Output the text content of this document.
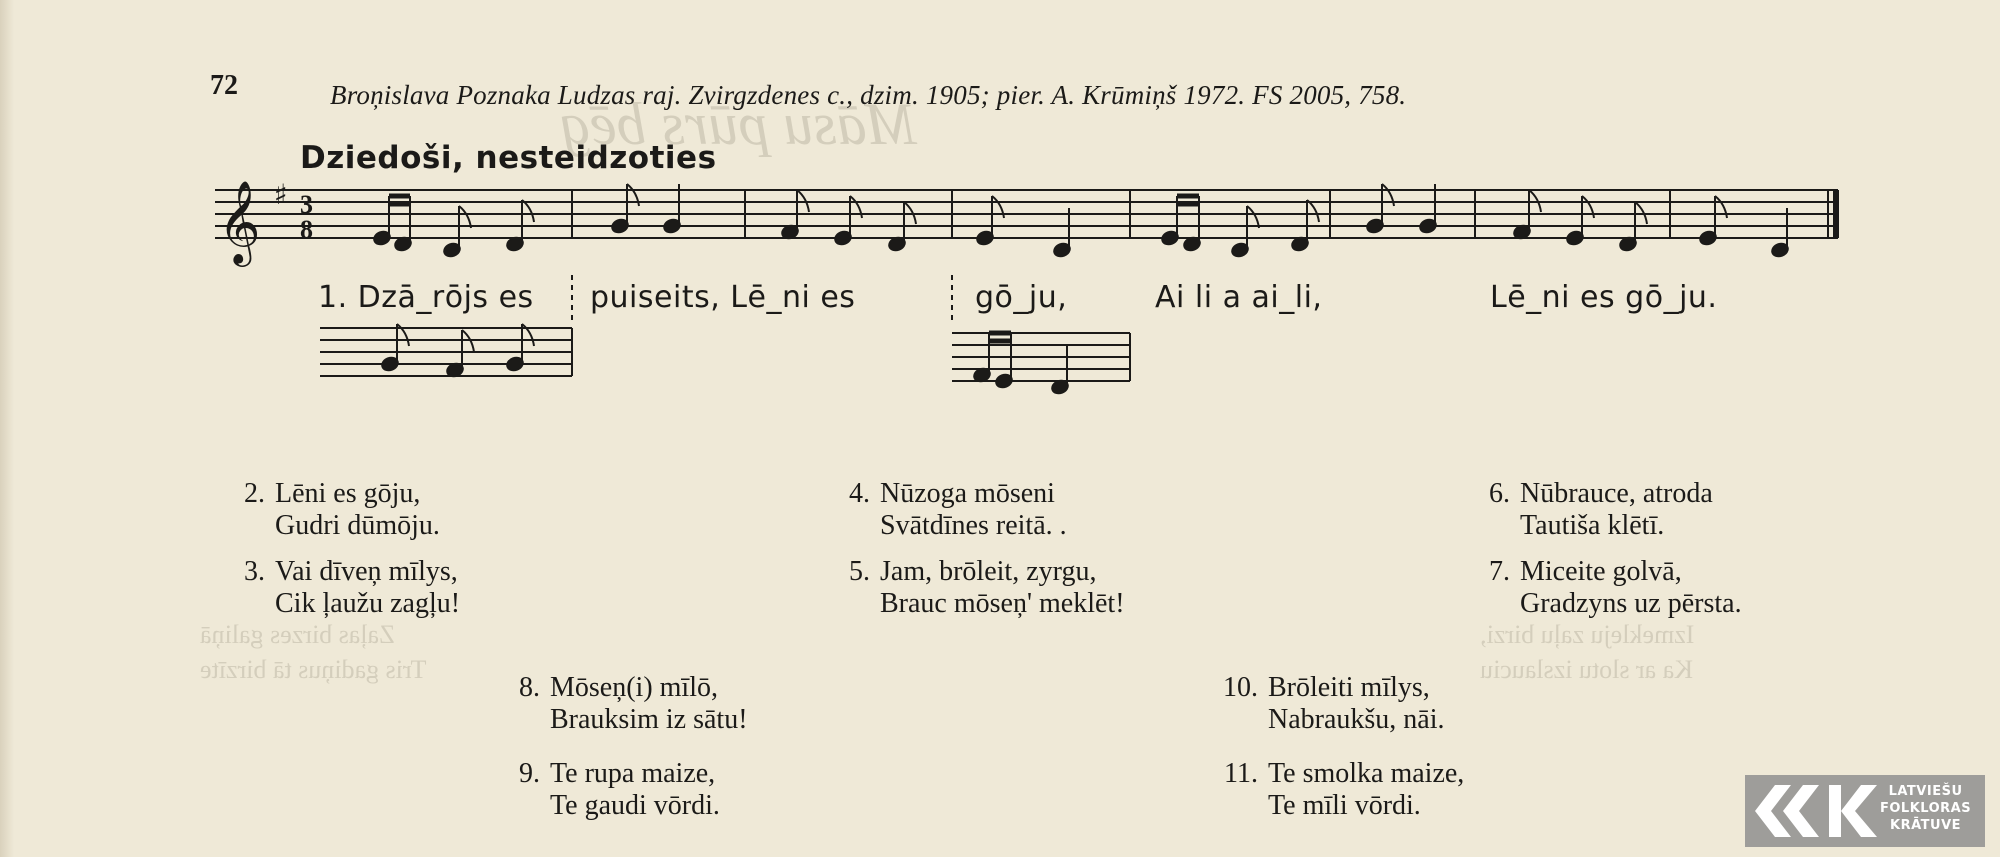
Māsu pūrs bēg
Izmekleju zaļu birzi,
Ka ar slotu izslauciu
Zaļas birzes galiņā
Tris gadiņus tā birzīte
72	Broņislava Poznaka Ludzas raj. Zvirgzdenes c., dzim. 1905; pier. A. Krūmiņš 1972. FS 2005, 758.
Dziedoši, nesteidzoties
𝄞 ♯ 3
8
1. Dzā_rōjs es puiseits, Lē_ni es	gō_ju,	Ai li a ai_li,	Lē_ni es gō_ju.
2. Lēni es gōju,
Gudri dūmōju.
3. Vai dīveņ mīlys,
Cik ļaužu zagļu!
4. Nūzoga mōseni
Svātdīnes reitā. .
5. Jam, brōleit, zyrgu,
Brauc mōseņ' meklēt!
6. Nūbrauce, atroda
Tautiša klētī.
7. Miceite golvā,
Gradzyns uz pērsta.
8. Mōseņ(i) mīlō,
Brauksim iz sātu!
9. Te rupa maize,
Te gaudi vōrdi.
10. Brōleiti mīlys,
Nabraukšu, nāi.
11. Te smolka maize,
Te mīli vōrdi.	LATVIEŠU
FOLKLORAS
KRĀTUVE
